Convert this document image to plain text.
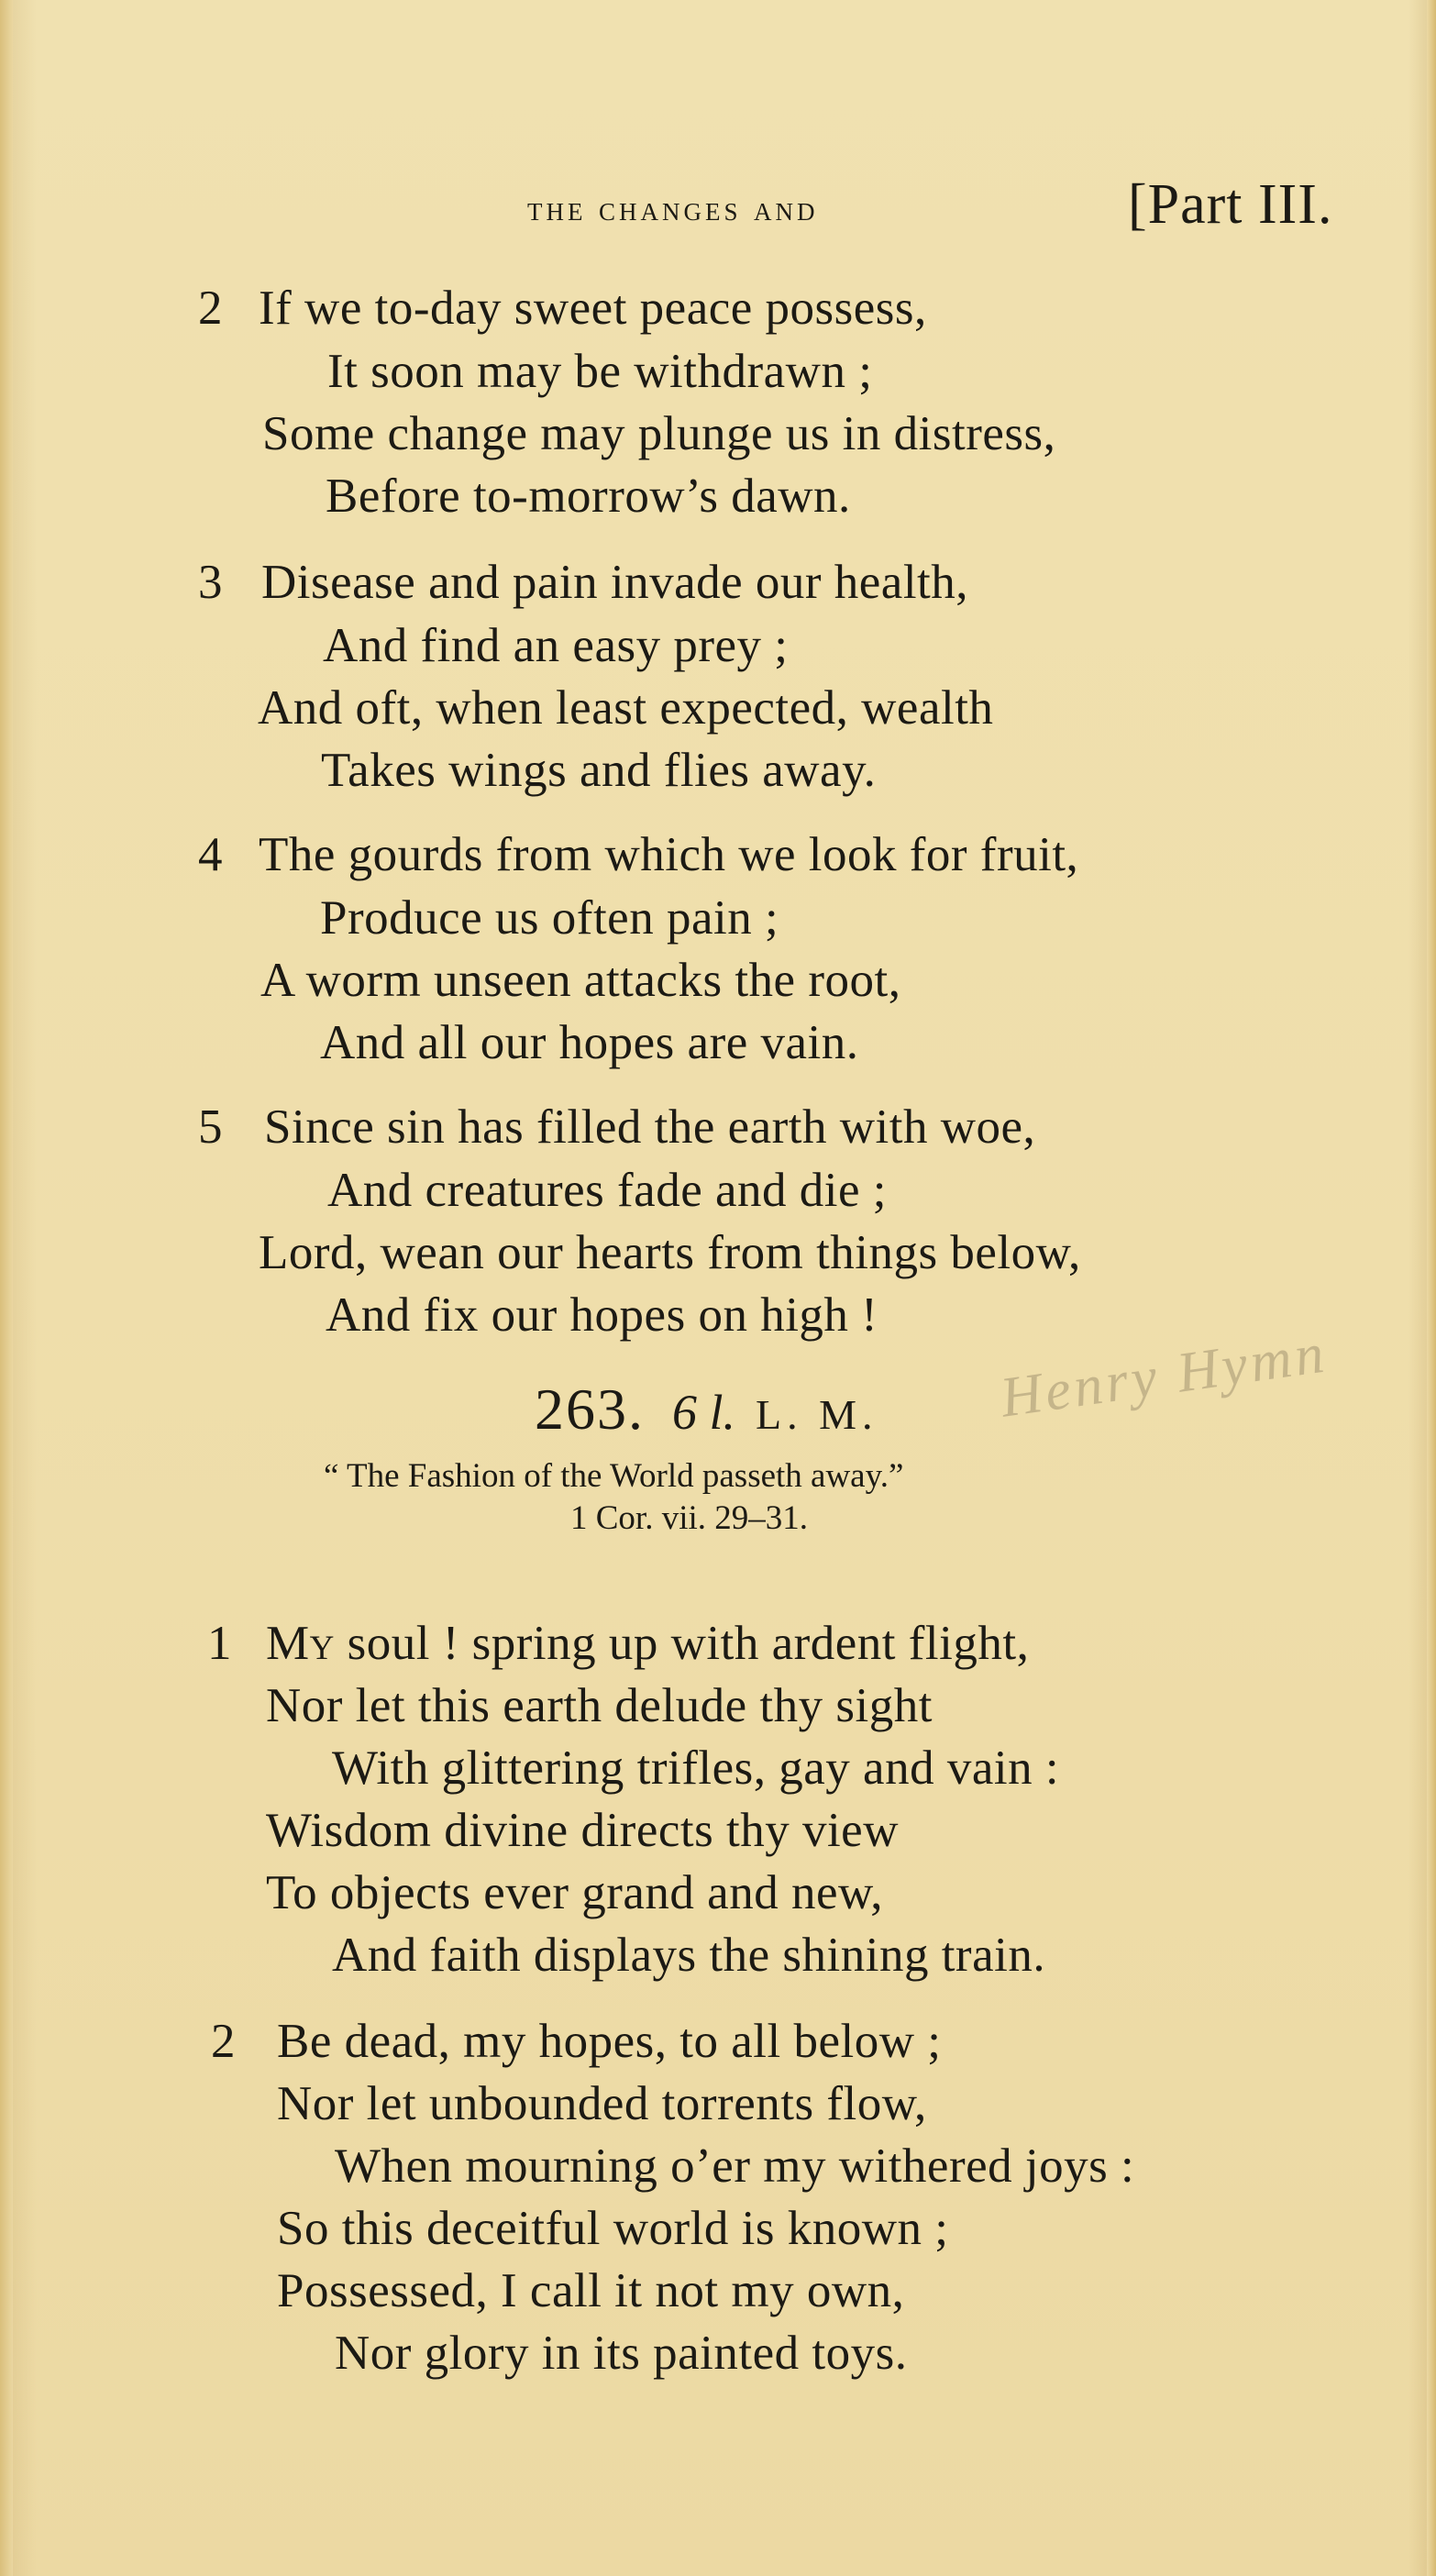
the changes and	[Part III.
2 If we to-day sweet peace possess,
It soon may be withdrawn ;
Some change may plunge us in distress,
Before to-morrow’s dawn.
3 Disease and pain invade our health,
And find an easy prey ;
And oft, when least expected, wealth
Takes wings and flies away.
4 The gourds from which we look for fruit,
Produce us often pain ;
A worm unseen attacks the root,
And all our hopes are vain.
5 Since sin has filled the earth with woe,
And creatures fade and die ;
Lord, wean our hearts from things below,
And fix our hopes on high !
263. 6 l. L. M. Henry Hymn
“ The Fashion of the World passeth away.”
1 Cor. vii. 29–31.
1 My soul ! spring up with ardent flight,
Nor let this earth delude thy sight
With glittering trifles, gay and vain :
Wisdom divine directs thy view
To objects ever grand and new,
And faith displays the shining train.
2 Be dead, my hopes, to all below ;
Nor let unbounded torrents flow,
When mourning o’er my withered joys :
So this deceitful world is known ;
Possessed, I call it not my own,
Nor glory in its painted toys.
